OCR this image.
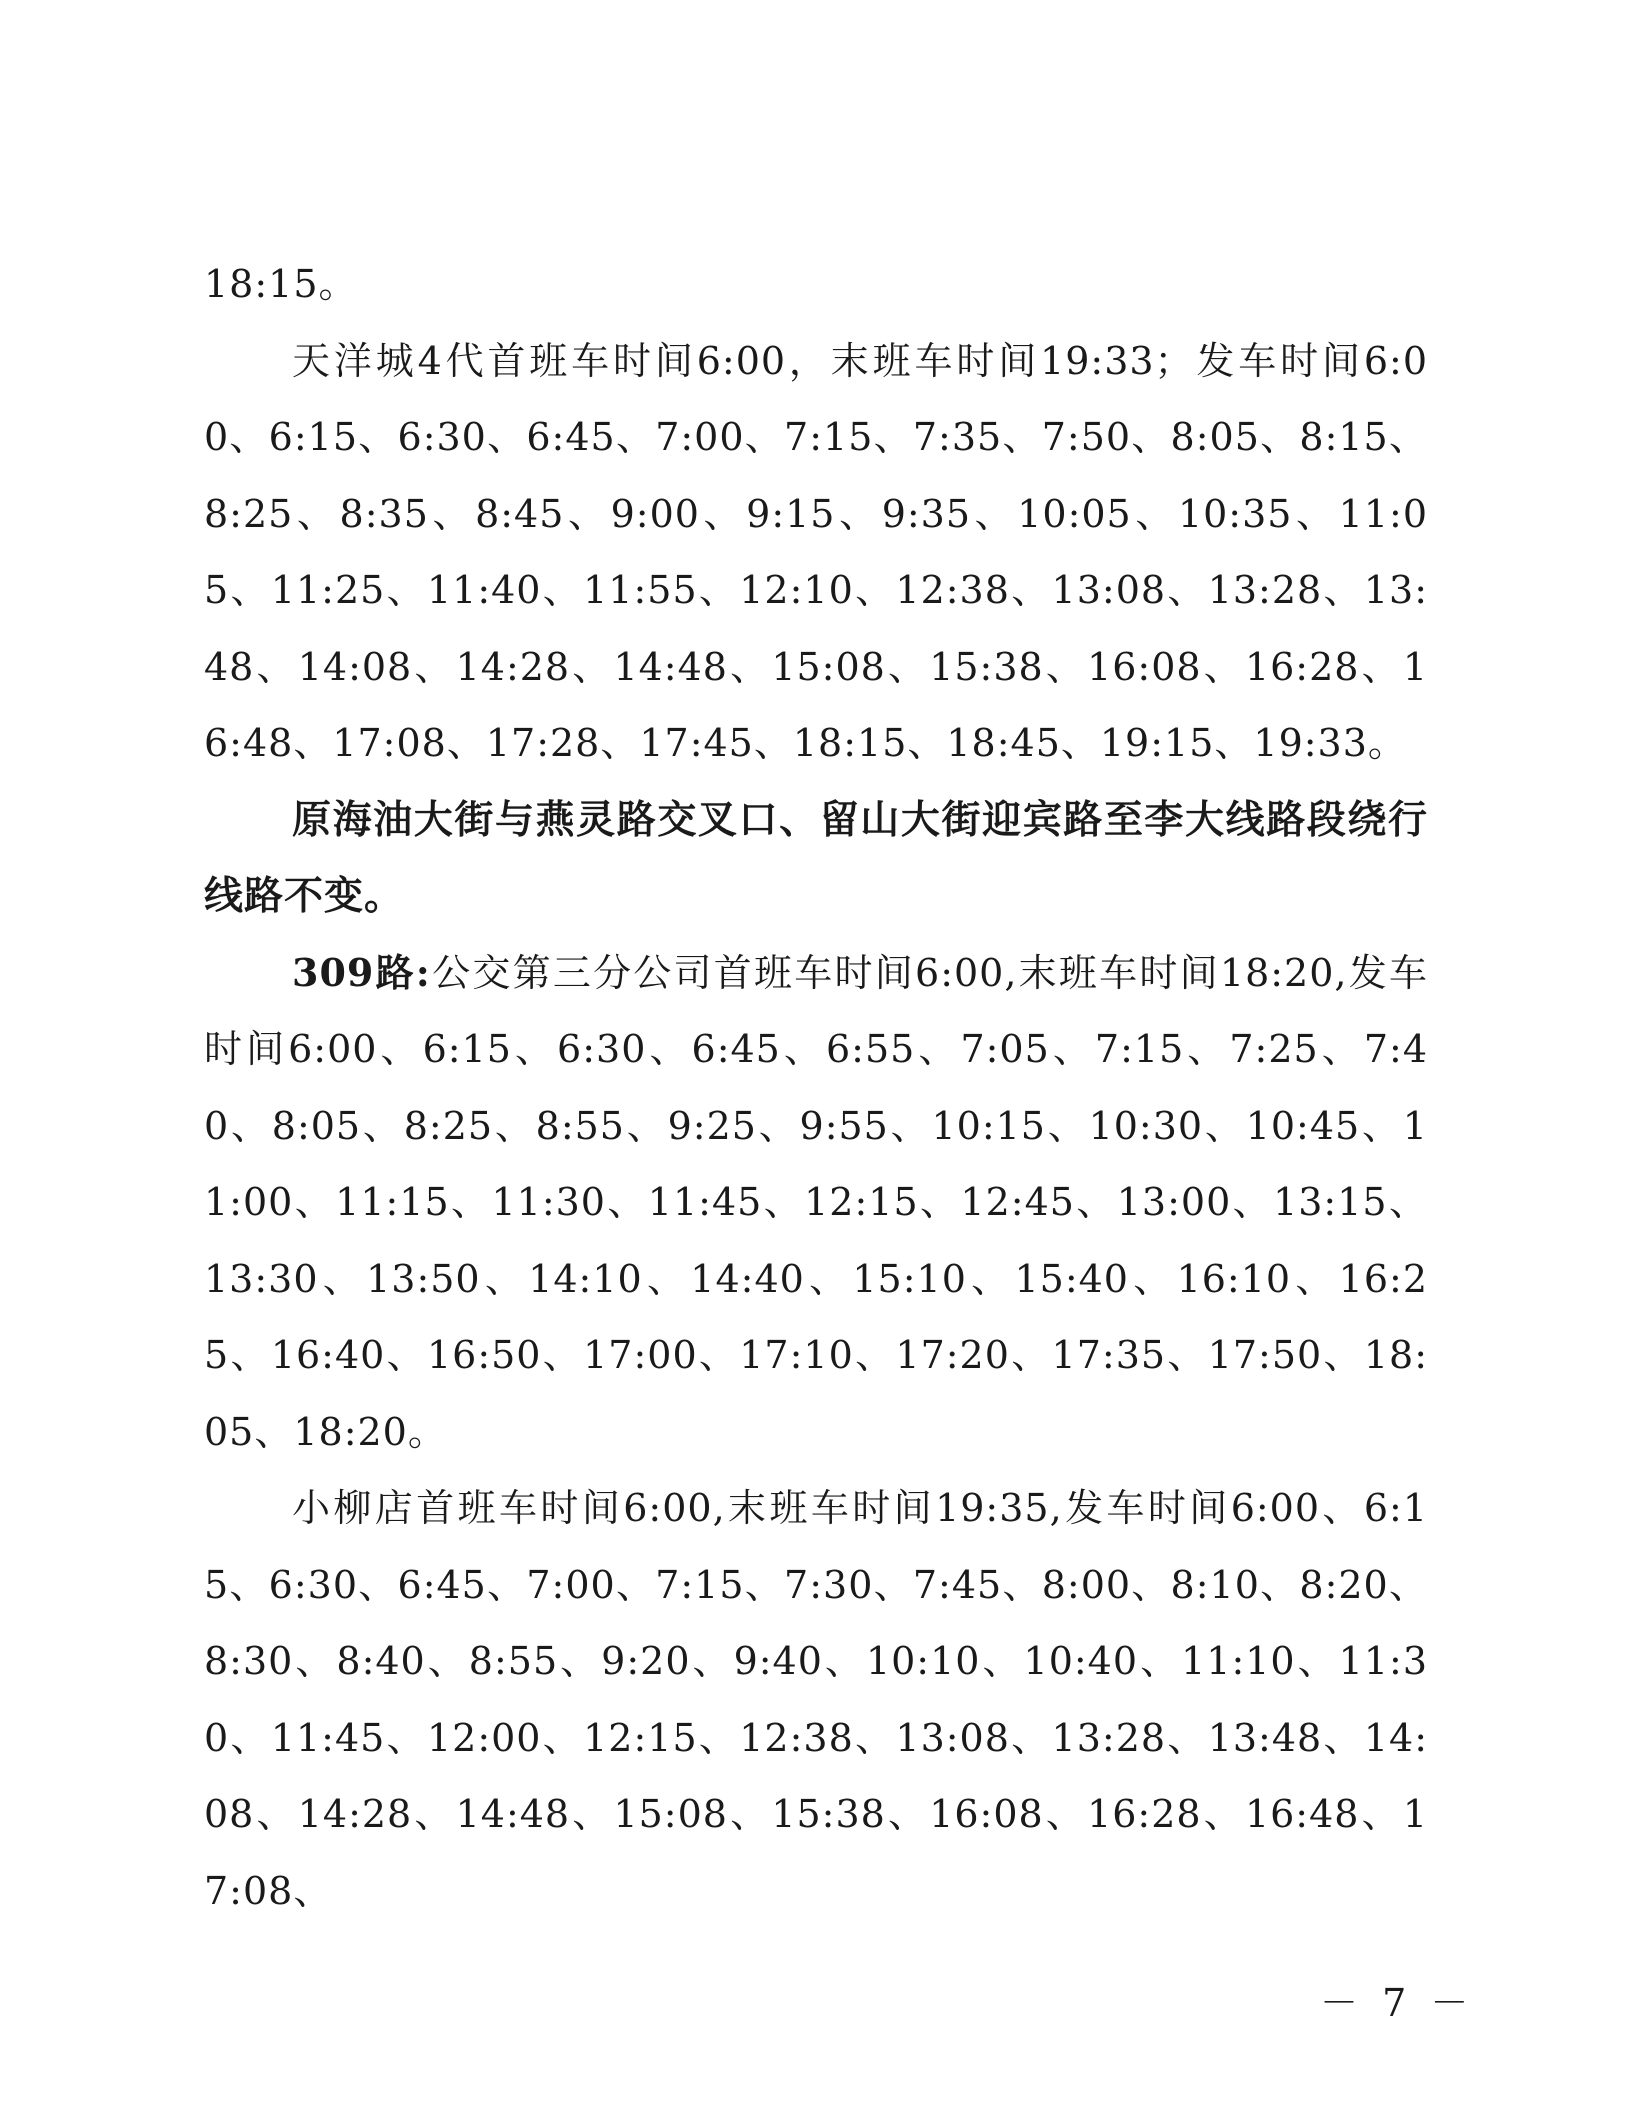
18:15。

天洋城4代首班车时间6:00，末班车时间19:33；发车时间6:00、6:15、6:30、6:45、7:00、7:15、7:35、7:50、8:05、8:15、8:25、8:35、8:45、9:00、9:15、9:35、10:05、10:35、11:05、11:25、11:40、11:55、12:10、12:38、13:08、13:28、13:48、14:08、14:28、14:48、15:08、15:38、16:08、16:28、16:48、17:08、17:28、17:45、18:15、18:45、19:15、19:33。

原海油大街与燕灵路交叉口、留山大街迎宾路至李大线路段绕行线路不变。

309路:公交第三分公司首班车时间6:00,末班车时间18:20,发车时间6:00、6:15、6:30、6:45、6:55、7:05、7:15、7:25、7:40、8:05、8:25、8:55、9:25、9:55、10:15、10:30、10:45、11:00、11:15、11:30、11:45、12:15、12:45、13:00、13:15、13:30、13:50、14:10、14:40、15:10、15:40、16:10、16:25、16:40、16:50、17:00、17:10、17:20、17:35、17:50、18:05、18:20。

小柳店首班车时间6:00,末班车时间19:35,发车时间6:00、6:15、6:30、6:45、7:00、7:15、7:30、7:45、8:00、8:10、8:20、8:30、8:40、8:55、9:20、9:40、10:10、10:40、11:10、11:30、11:45、12:00、12:15、12:38、13:08、13:28、13:48、14:08、14:28、14:48、15:08、15:38、16:08、16:28、16:48、17:08、

－ 7 －
